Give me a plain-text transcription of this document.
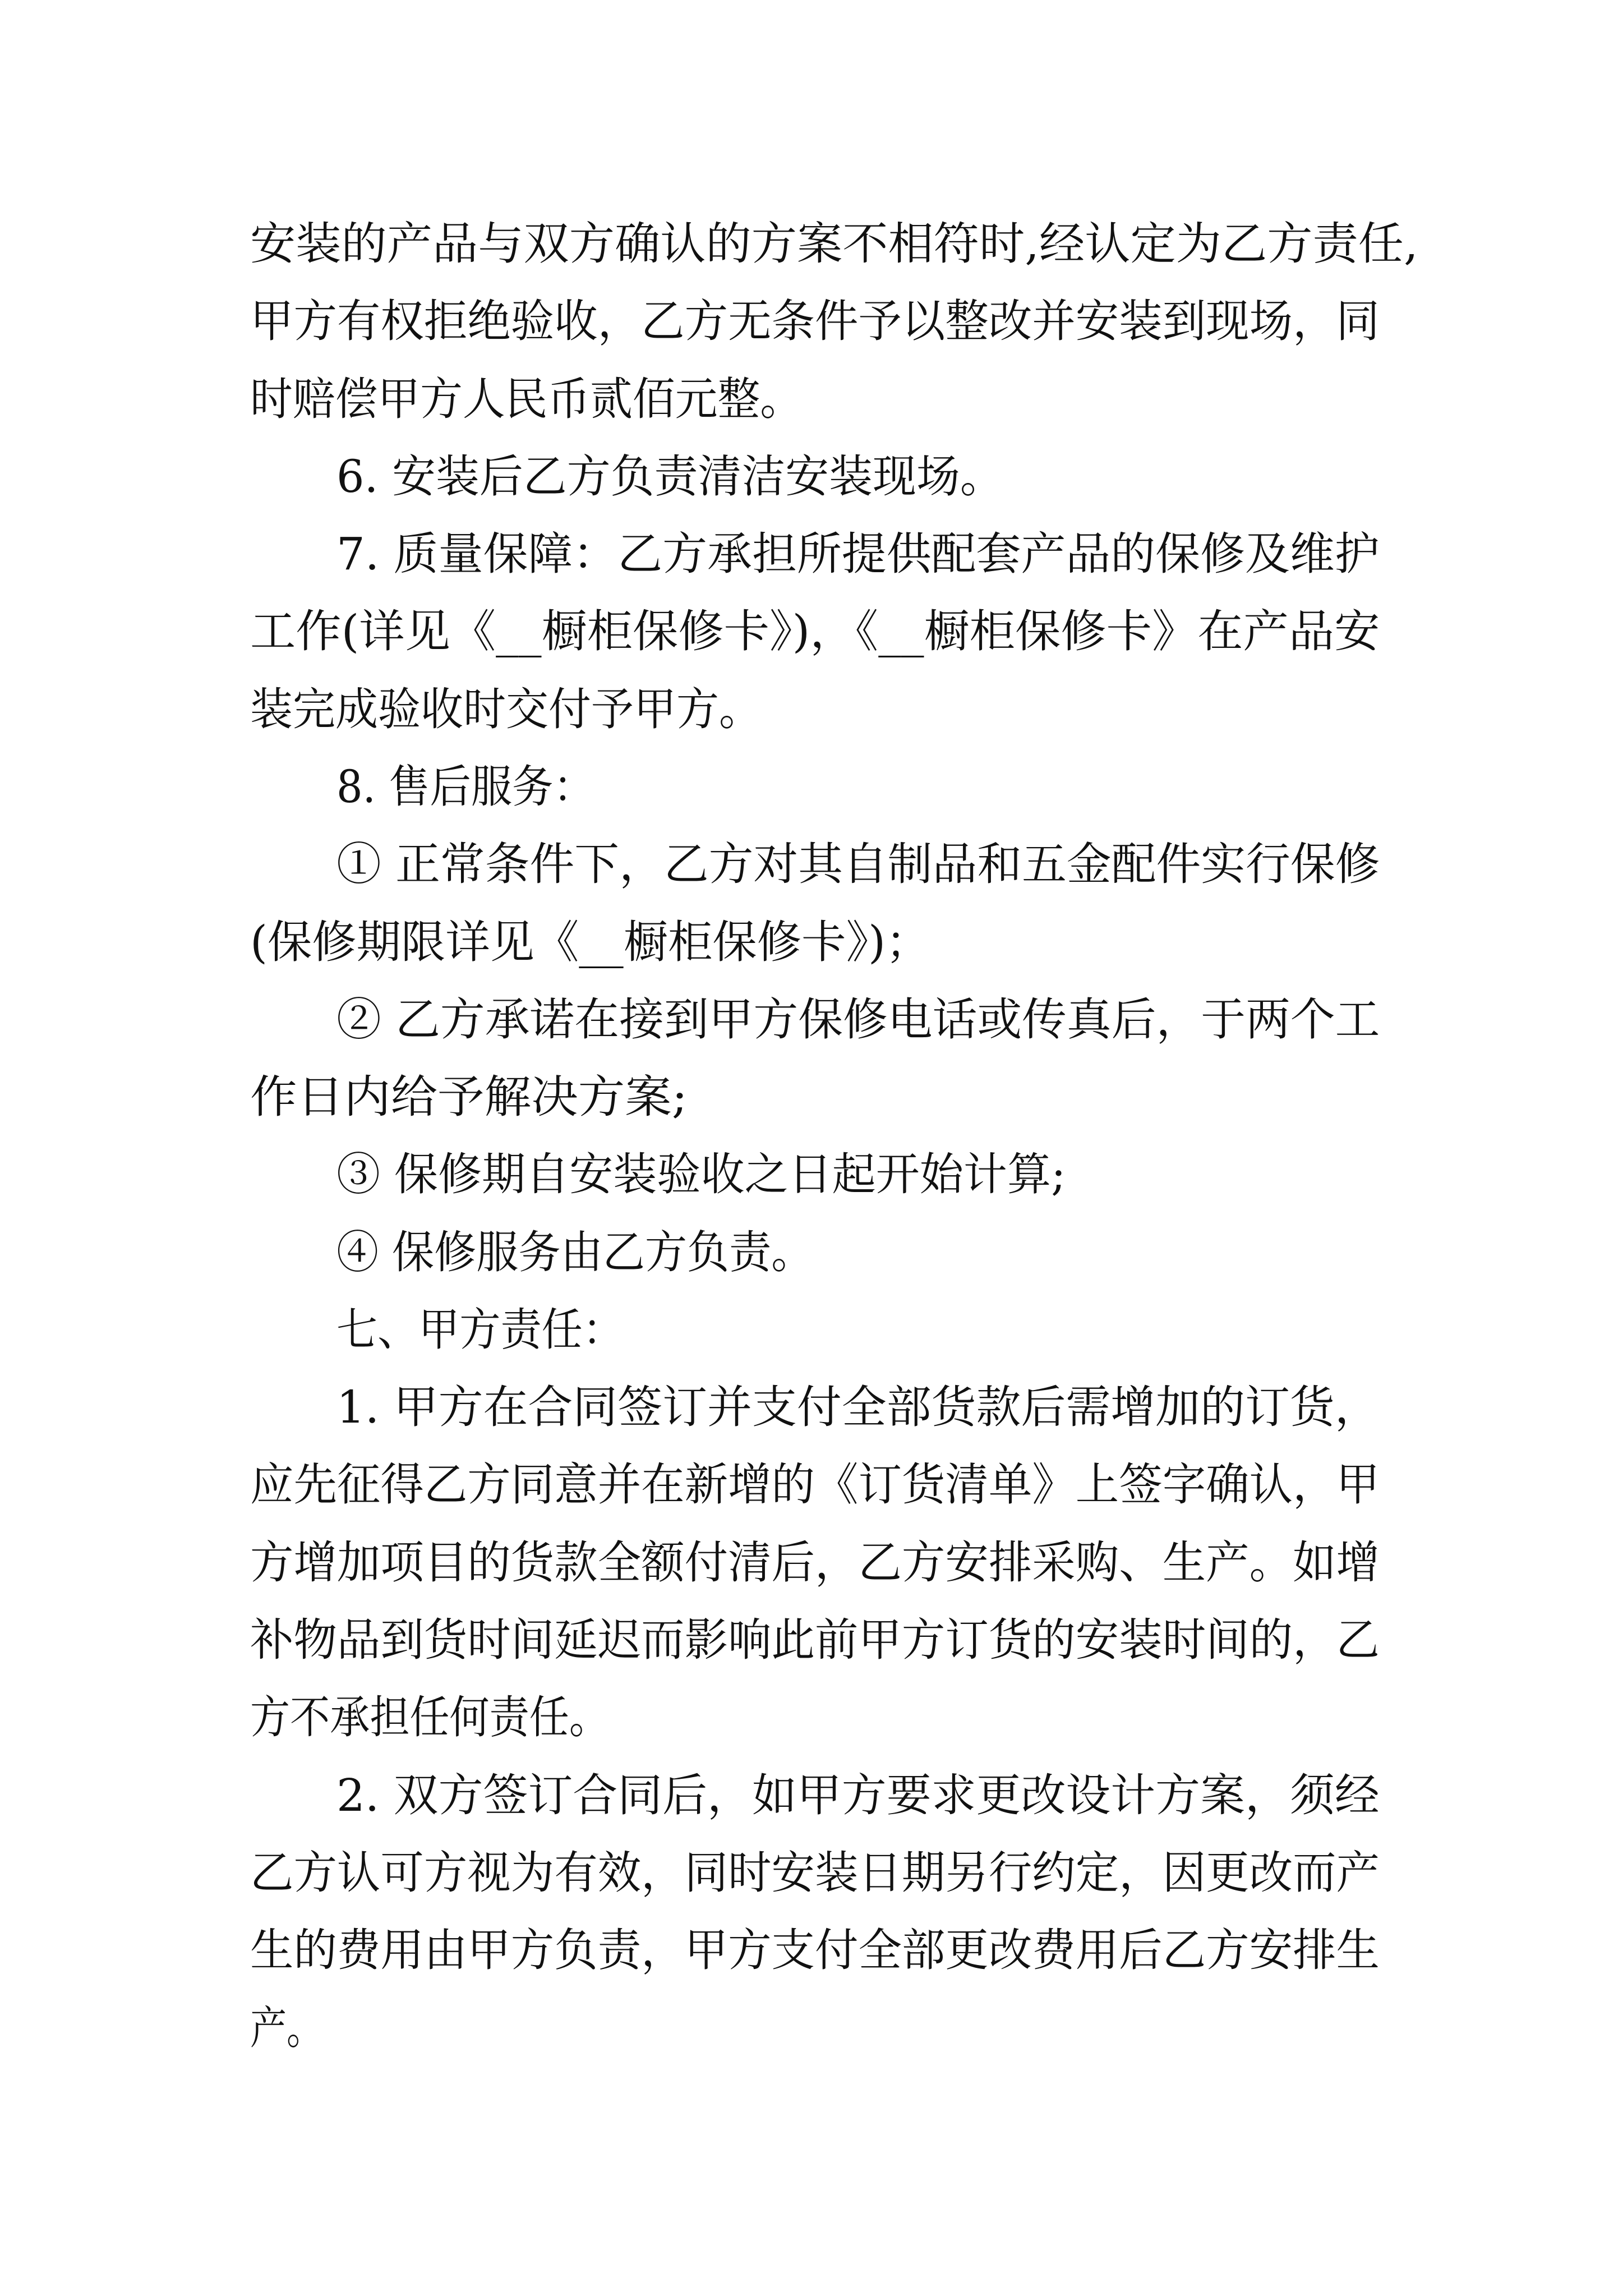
安装的产品与双方确认的方案不相符时,经认定为乙方责任,
甲方有权拒绝验收，乙方无条件予以整改并安装到现场，同
时赔偿甲方人民币贰佰元整。
6. 安装后乙方负责清洁安装现场。
7. 质量保障：乙方承担所提供配套产品的保修及维护
工作(详见《__橱柜保修卡》)，《__橱柜保修卡》在产品安
装完成验收时交付予甲方。
8. 售后服务：
① 正常条件下，乙方对其自制品和五金配件实行保修
(保修期限详见《__橱柜保修卡》)；
② 乙方承诺在接到甲方保修电话或传真后，于两个工
作日内给予解决方案;
③ 保修期自安装验收之日起开始计算;
④ 保修服务由乙方负责。
七、甲方责任：
1. 甲方在合同签订并支付全部货款后需增加的订货，
应先征得乙方同意并在新增的《订货清单》上签字确认，甲
方增加项目的货款全额付清后，乙方安排采购、生产。如增
补物品到货时间延迟而影响此前甲方订货的安装时间的，乙
方不承担任何责任。
2. 双方签订合同后，如甲方要求更改设计方案，须经
乙方认可方视为有效，同时安装日期另行约定，因更改而产
生的费用由甲方负责，甲方支付全部更改费用后乙方安排生
产。
